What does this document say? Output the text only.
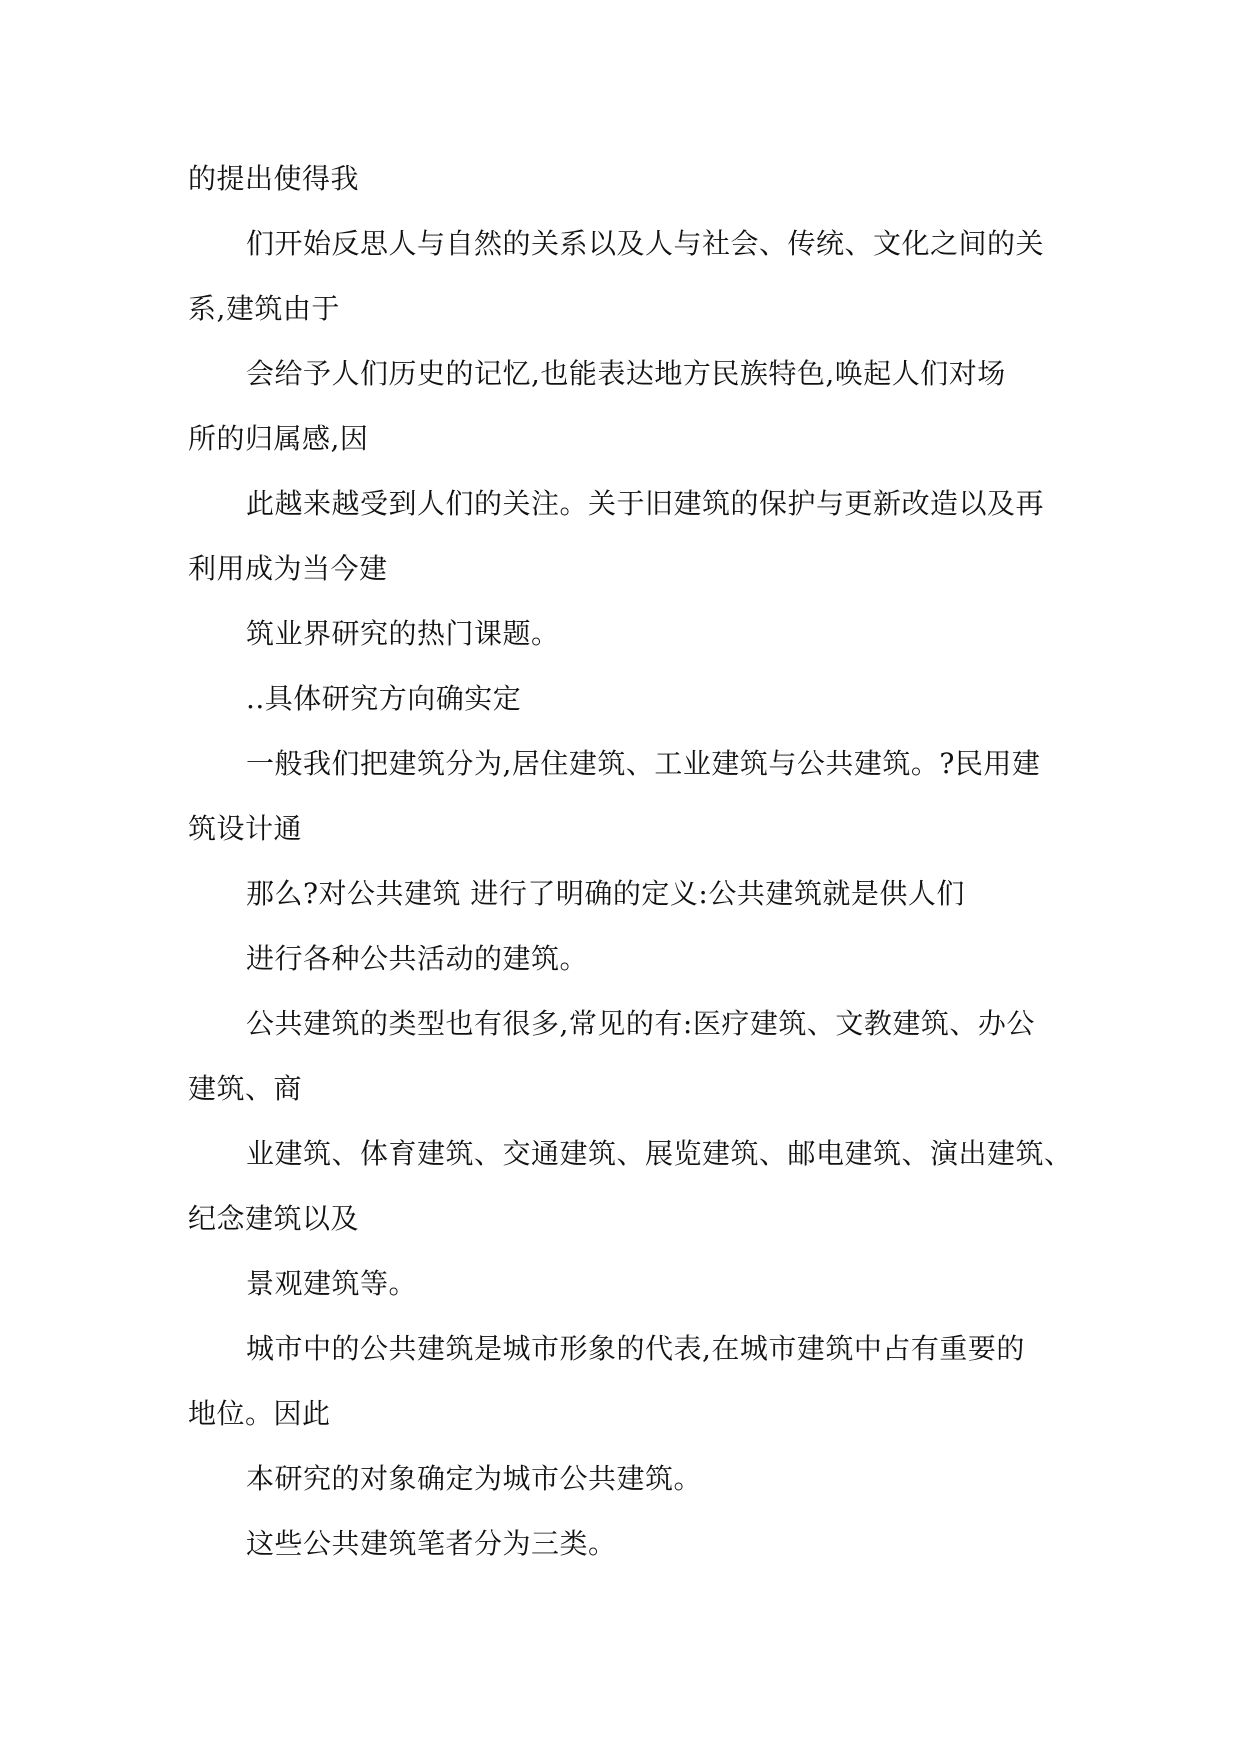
的提出使得我
们开始反思人与自然的关系以及人与社会、传统、文化之间的关
系,建筑由于
会给予人们历史的记忆,也能表达地方民族特色,唤起人们对场
所的归属感,因
此越来越受到人们的关注。关于旧建筑的保护与更新改造以及再
利用成为当今建
筑业界研究的热门课题。
..具体研究方向确实定
一般我们把建筑分为,居住建筑、工业建筑与公共建筑。?民用建
筑设计通
那么?对公共建筑 进行了明确的定义:公共建筑就是供人们
进行各种公共活动的建筑。
公共建筑的类型也有很多,常见的有:医疗建筑、文教建筑、办公
建筑、商
业建筑、体育建筑、交通建筑、展览建筑、邮电建筑、演出建筑、
纪念建筑以及
景观建筑等。
城市中的公共建筑是城市形象的代表,在城市建筑中占有重要的
地位。因此
本研究的对象确定为城市公共建筑。
这些公共建筑笔者分为三类。
